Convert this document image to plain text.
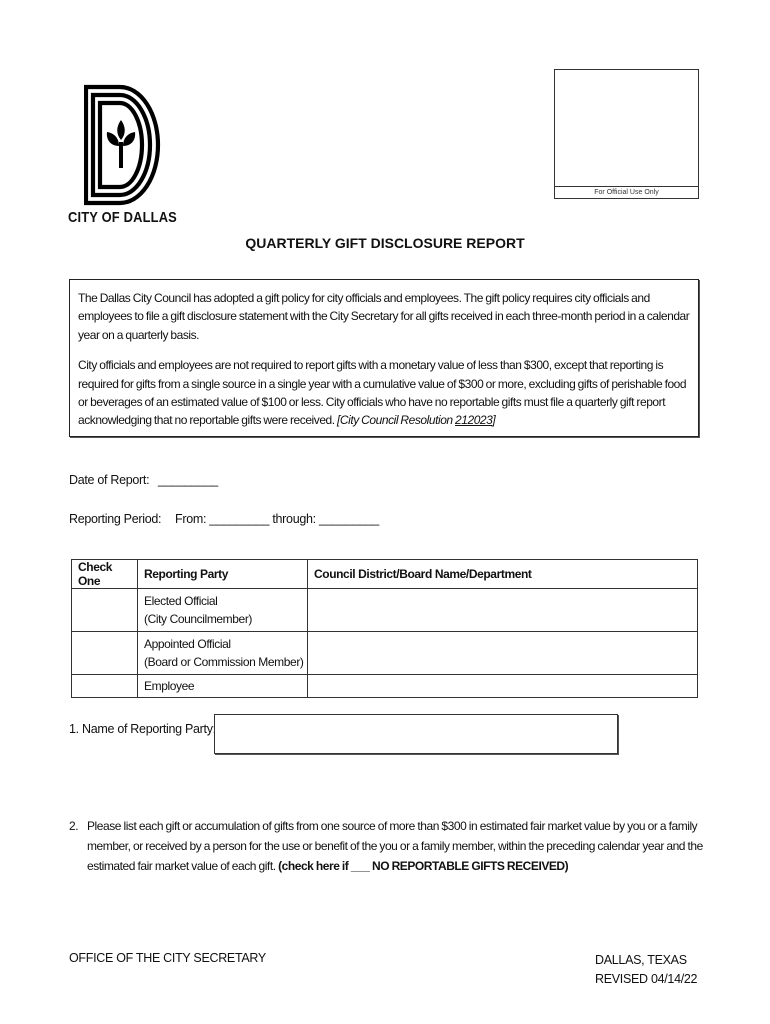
CITY OF DALLAS
For Official Use Only
QUARTERLY GIFT DISCLOSURE REPORT

The Dallas City Council has adopted a gift policy for city officials and employees. The gift policy requires city officials and employees to file a gift disclosure statement with the City Secretary for all gifts received in each three-month period in a calendar year on a quarterly basis.

City officials and employees are not required to report gifts with a monetary value of less than $300, except that reporting is required for gifts from a single source in a single year with a cumulative value of $300 or more, excluding gifts of perishable food or beverages of an estimated value of $100 or less. City officials who have no reportable gifts must file a quarterly gift report acknowledging that no reportable gifts were received. [City Council Resolution 212023]

Date of Report: _________
Reporting Period: From: _________ through: _________
Check One	Reporting Party	Council District/Board Name/Department
	Elected Official
(City Councilmember)	
	Appointed Official
(Board or Commission Member)	
	Employee	
1. Name of Reporting Party:
2. Please list each gift or accumulation of gifts from one source of more than $300 in estimated fair market value by you or a family member, or received by a person for the use or benefit of the you or a family member, within the preceding calendar year and the estimated fair market value of each gift. (check here if ___ NO REPORTABLE GIFTS RECEIVED)
OFFICE OF THE CITY SECRETARY	DALLAS, TEXAS
REVISED 04/14/22
